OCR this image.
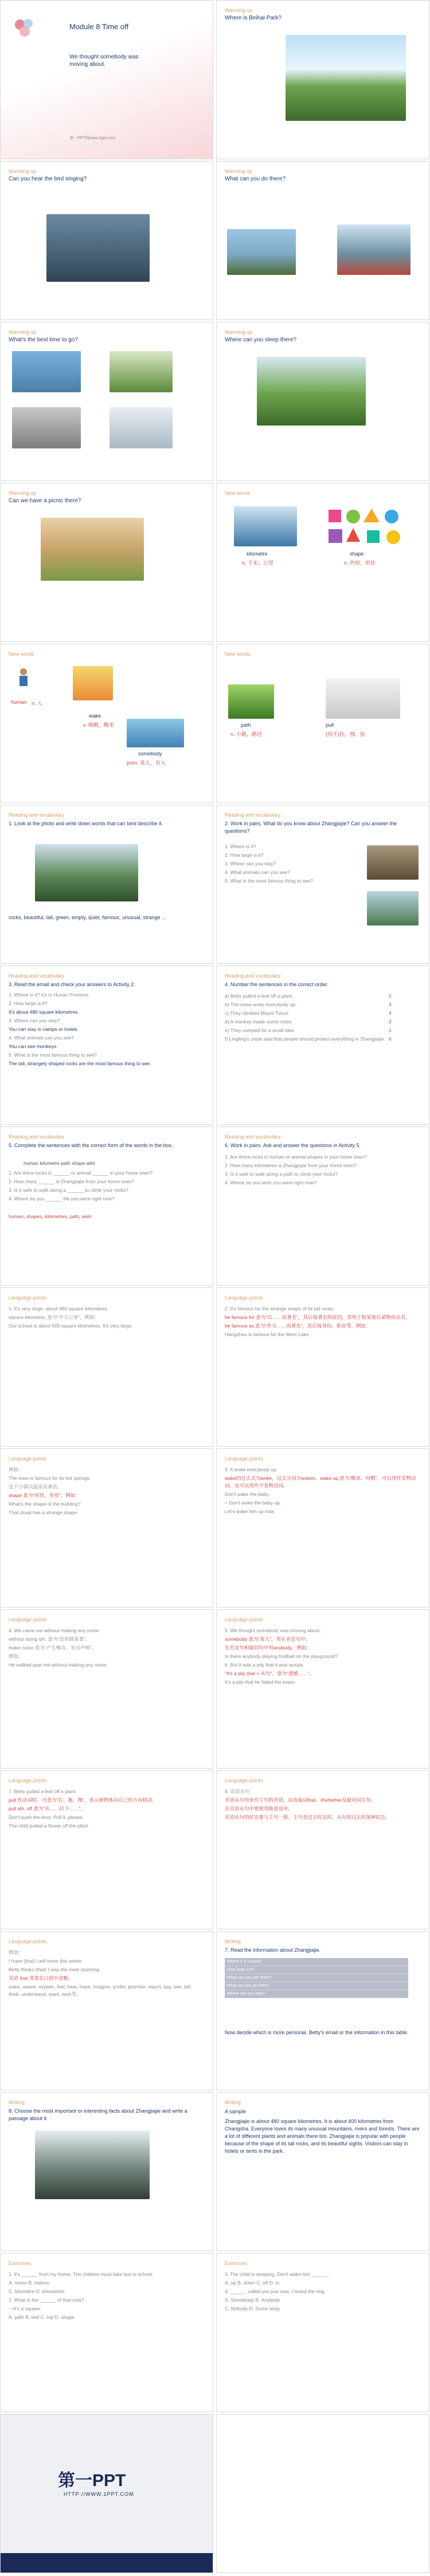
Module 8 Time off
We thought somebody was moving about.
第一PPT网www.1ppt.com
Warming up
Where is Beihai Park?
Warming up
Can you hear the bird singing?
Warming up
What can you do there?
Warming up
What's the best time to go?
Warming up
Where can you sleep there?
Warming up
Can we have a picnic there?
New words
kilometre
n. 千米；公里
shape
n. 外形，形状
New words
human n. 人
wake
v. 唤醒，醒来
somebody
pron. 某人，有人
New words
path
n. 小路，路径
pull
(用手)拉，拽，扯
Reading and vocabulary
1. Look at the photo and write down words that can best describe it.
rocks, beautiful, tall, green, empty, quiet, famous, unusual, strange ...
Reading and vocabulary
2. Work in pairs. What do you know about Zhangjiajie? Can you answer the questions?

1. Where is it?

2. How large is it?

3. Where can you stay?

4. What animals can you see?

5. What is the most famous thing to see?

Reading and vocabulary
3. Read the email and check your answers to Activity 2.

1. Where is it? It's in Hunan Province.

2. How large is it?

It's about 480 square kilometres.

3. Where can you stay?

You can stay in camps or hotels.

4. What animals can you see?

You can see monkeys.

5. What is the most famous thing to see?

The tall, strangely shaped rocks are the most famous thing to see.

Reading and vocabulary
4. Number the sentences in the correct order.

a) Betty pulled a leaf off a plant.

b) The noise woke everybody up.

c) They climbed Mount Tianzi.

d) A monkey made some noise.

e) They camped for a small lake.

f) Lingling's uncle said that people should protect everything in Zhangjiajie.

5

3

4

2

1

6

Reading and vocabulary
5. Complete the sentences with the correct form of the words in the box.
human kilometre path shape wild

1. Are there rocks in ______ or animal ______ in your home town?

2. How many ______ is Zhangjiajie from your home town?

3. Is it safe to walk along a ______ to climb your rocks?

4. Where do you ______ life you were right now?

human, shapes, kilometres, path, wish
Reading and vocabulary
6. Work in pairs. Ask and answer the questions in Activity 5.

1. Are there rocks in human or animal shapes in your home town?

2. How many kilometres is Zhangjiajie from your home town?

3. Is it safe to walk along a path to climb your rocks?

4. Where do you wish you were right now?

Language points

1. It's very large, about 480 square kilometres.

square kilometre, 意为“平方公里”，例如：

Our school is about 500 square kilometres. It's very large.

Language points

2. It's famous for the strange shape of its tall rocks.

be famous for 意为“以……而著名”，其后接著名的原因，常用于指某地以某物而出名。

be famous as 意为“作为……而著名”，其后接身份、职业等，例如：

Hangzhou is famous for the West Lake.

Language points

例如：

The town is famous for its hot springs.

这个小镇以温泉而著名。

shape 意为“形状、外形”，例如：

What's the shape of the building?

That cloud has a strange shape.

Language points

3. It woke everybody up.

wake的过去式为woke，过去分词为woken。wake up 意为“醒来、叫醒”，可以用作及物动词，也可以用作不及物动词。

Don't wake the baby.

= Don't wake the baby up.

Let's wake him up now.

Language points

4. We came out without making any noise.

without doing sth. 意为“没有做某事”。

make noise 意为“产生噪音、发出声响”。

例如：

He walked past me without making any noise.

Language points

5. We thought somebody was moving about.

somebody 意为“某人”，用在肯定句中；

在否定句和疑问句中用anybody。例如：

Is there anybody playing football on the playground?

6. But it was a pity that it was woods.

"It's a pity that + 从句"，意为“遗憾……”。

It's a pity that he failed the exam.

Language points

7. Betty pulled a leaf off a plant.

pull 作动词时，可意为“拉、拖、拽”，表示使物体向自己的方向移动。

pull sth. off 意为“从……拉下……”。

Don't push the door. Pull it, please.

The child pulled a flower off the plant.

Language points

8. 宾语从句

宾语从句用来作主句的宾语，由连接词that、if/whether及疑问词引导。

在宾语从句中要使用陈述语序。

宾语从句的时态要与主句一致。主句是过去时态时，从句用过去的某种时态。

Language points

例如：

I hope (that) I will know this winter.

Betty thinks (that) I was the most stunning.

宾语 that 常常在口语中省略。

wake, aware, explain, feel, hear, hope, imagine, prefer, promise, report, say, see, tell, think, understand, want, wish等。

Writing
7. Read the information about Zhangjiajie.
Where is it located?
How large is it?
What can you see there?
What can you do there?
Where can you stay?
Now decide which is more personal, Betty's email or the information in this table.
Writing
8. Choose the most important or interesting facts about Zhangjiajie and write a passage about it.
Writing
A sample
Zhangjiajie is about 480 square kilometres. It is about 400 kilometres from Changsha. Everyone loves its many unusual mountains, rivers and forests. There are a lot of different plants and animals there too. Zhangjiajie is popular with people because of the shape of its tall rocks, and its beautiful sights. Visitors can stay in hotels or tents in the park.
Exercises

1. It's ______ from my home. The children must take taxi to school.

A. metre B. metres

C. kilometre D. kilometres

2. What is the ______ of that rock?

—It's a square.

A. path B. leaf C. top D. shape

Exercises

3. The child is sleeping. Don't wake him ______.

A. up B. down C. off D. in

4. ______ called you just now. I heard the ring.

A. Somebody B. Anybody

C. Nobody D. Some body

第一PPT
HTTP://WWW.1PPT.COM
